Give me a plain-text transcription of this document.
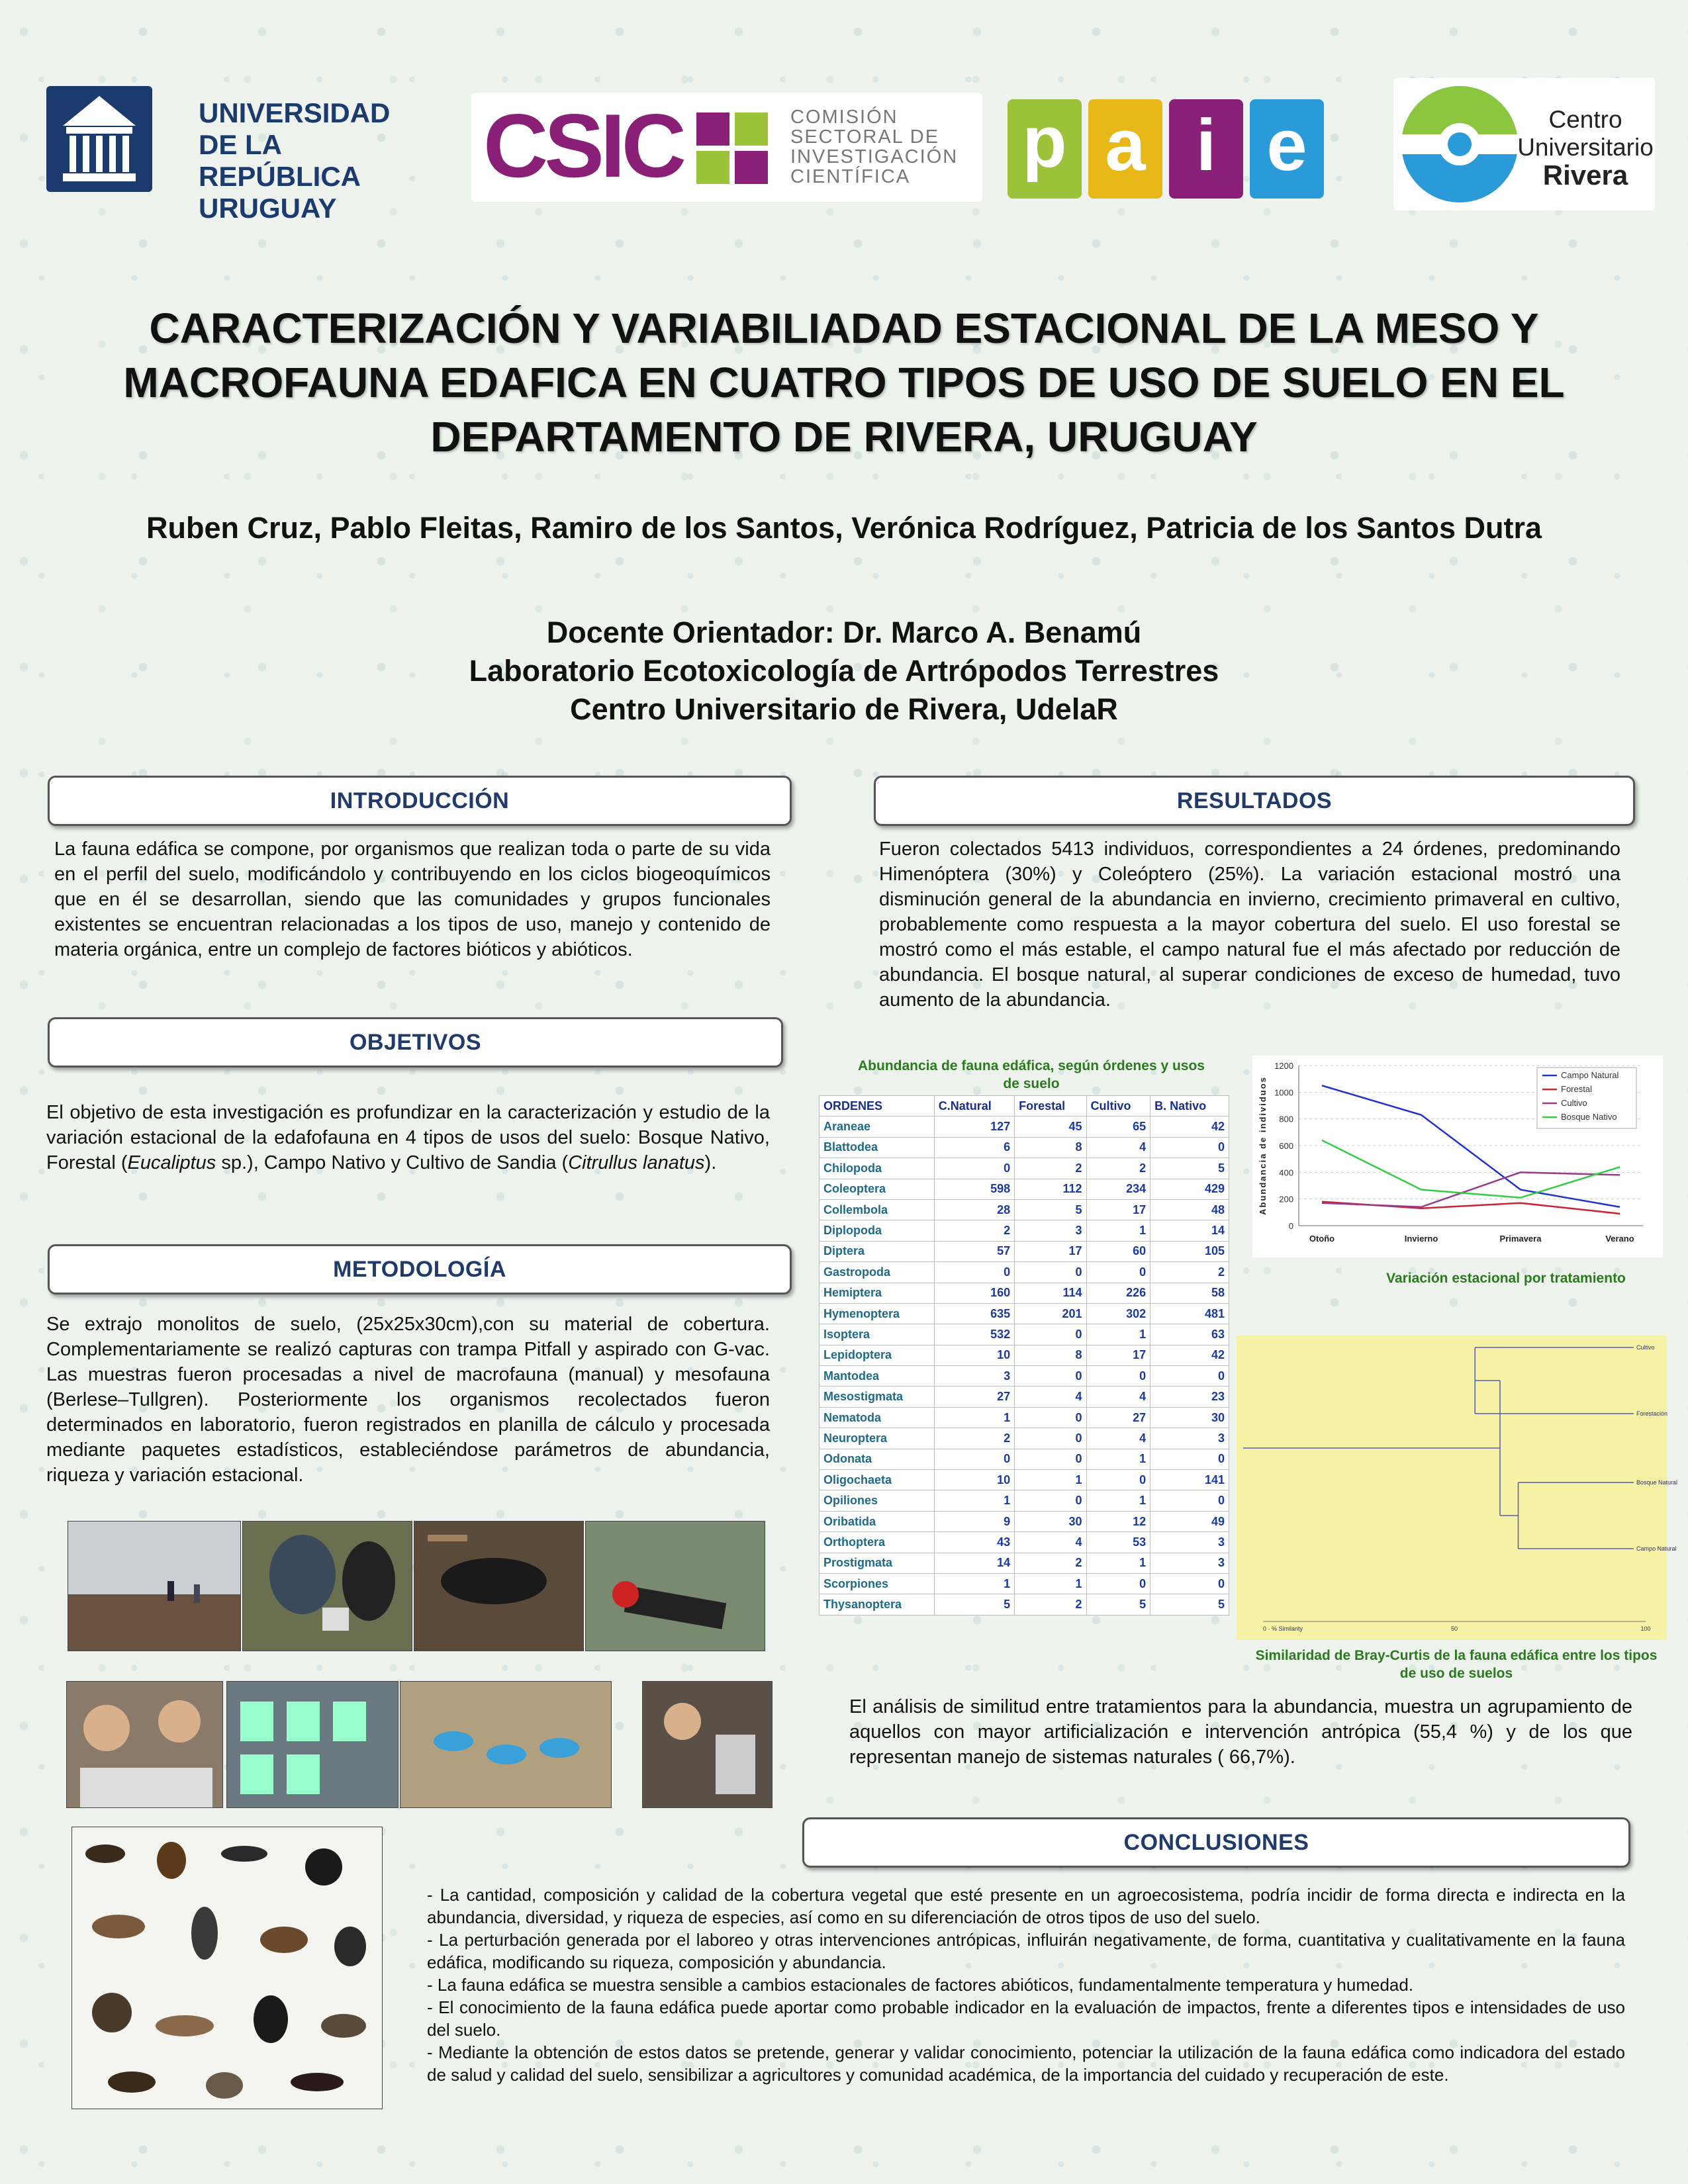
UNIVERSIDAD
DE LA REPÚBLICA
URUGUAY
CSIC	COMISIÓN
SECTORAL DE
INVESTIGACIÓN
CIENTÍFICA	p a i e	Centro
Universitario
Rivera
CARACTERIZACIÓN Y VARIABILIADAD ESTACIONAL DE LA MESO Y MACROFAUNA EDAFICA EN CUATRO TIPOS DE USO DE SUELO EN EL DEPARTAMENTO DE RIVERA, URUGUAY
Ruben Cruz, Pablo Fleitas, Ramiro de los Santos, Verónica Rodríguez, Patricia de los Santos Dutra
Docente Orientador: Dr. Marco A. Benamú
Laboratorio Ecotoxicología de Artrópodos Terrestres
Centro Universitario de Rivera, UdelaR
INTRODUCCIÓN
La fauna edáfica se compone, por organismos que realizan toda o parte de su vida en el perfil del suelo, modificándolo y contribuyendo en los ciclos biogeoquímicos que en él se desarrollan, siendo que las comunidades y grupos funcionales existentes se encuentran relacionadas a los tipos de uso, manejo y contenido de materia orgánica, entre un complejo de factores bióticos y abióticos.
OBJETIVOS
El objetivo de esta investigación es profundizar en la caracterización y estudio de la variación estacional de la edafofauna en 4 tipos de usos del suelo: Bosque Nativo, Forestal (Eucaliptus sp.), Campo Nativo y Cultivo de Sandia (Citrullus lanatus).
METODOLOGÍA
Se extrajo monolitos de suelo, (25x25x30cm),con su material de cobertura. Complementariamente se realizó capturas con trampa Pitfall y aspirado con G-vac. Las muestras fueron procesadas a nivel de macrofauna (manual) y mesofauna (Berlese–Tullgren). Posteriormente los organismos recolectados fueron determinados en laboratorio, fueron registrados en planilla de cálculo y procesada mediante paquetes estadísticos, estableciéndose parámetros de abundancia, riqueza y variación estacional.
RESULTADOS
Fueron colectados 5413 individuos, correspondientes a 24 órdenes, predominando Himenóptera (30%) y Coleóptero (25%). La variación estacional mostró una disminución general de la abundancia en invierno, crecimiento primaveral en cultivo, probablemente como respuesta a la mayor cobertura del suelo. El uso forestal se mostró como el más estable, el campo natural fue el más afectado por reducción de abundancia. El bosque natural, al superar condiciones de exceso de humedad, tuvo aumento de la abundancia.
Abundancia de fauna edáfica, según órdenes y usos de suelo
ORDENES	C.Natural	Forestal	Cultivo	B. Nativo
Araneae	127	45	65	42
Blattodea	6	8	4	0
Chilopoda	0	2	2	5
Coleoptera	598	112	234	429
Collembola	28	5	17	48
Diplopoda	2	3	1	14
Diptera	57	17	60	105
Gastropoda	0	0	0	2
Hemiptera	160	114	226	58
Hymenoptera	635	201	302	481
Isoptera	532	0	1	63
Lepidoptera	10	8	17	42
Mantodea	3	0	0	0
Mesostigmata	27	4	4	23
Nematoda	1	0	27	30
Neuroptera	2	0	4	3
Odonata	0	0	1	0
Oligochaeta	10	1	0	141
Opiliones	1	0	1	0
Oribatida	9	30	12	49
Orthoptera	43	4	53	3
Prostigmata	14	2	1	3
Scorpiones	1	1	0	0
Thysanoptera	5	2	5	5
0
200
400
600
800
1000
1200
Otoño	Invierno	Primavera	Verano
Abundancia de individuos
Campo Natural
Forestal
Cultivo
Bosque Nativo
Variación estacional por tratamiento
Cultivo
Forestación
Bosque Natural
Campo Natural
0 · % Similarity	50	100
Similaridad de Bray-Curtis de la fauna edáfica entre los tipos de uso de suelos
El análisis de similitud entre tratamientos para la abundancia, muestra un agrupamiento de aquellos con mayor artificialización e intervención antrópica (55,4 %) y de los que representan manejo de sistemas naturales ( 66,7%).
CONCLUSIONES
- La cantidad, composición y calidad de la cobertura vegetal que esté presente en un agroecosistema, podría incidir de forma directa e indirecta en la abundancia, diversidad, y riqueza de especies, así como en su diferenciación de otros tipos de uso del suelo.
- La perturbación generada por el laboreo y otras intervenciones antrópicas, influirán negativamente, de forma, cuantitativa y cualitativamente en la fauna edáfica, modificando su riqueza, composición y abundancia.
- La fauna edáfica se muestra sensible a cambios estacionales de factores abióticos, fundamentalmente temperatura y humedad.
- El conocimiento de la fauna edáfica puede aportar como probable indicador en la evaluación de impactos, frente a diferentes tipos e intensidades de uso del suelo.
- Mediante la obtención de estos datos se pretende, generar y validar conocimiento, potenciar la utilización de la fauna edáfica como indicadora del estado de salud y calidad del suelo, sensibilizar a agricultores y comunidad académica, de la importancia del cuidado y recuperación de este.
